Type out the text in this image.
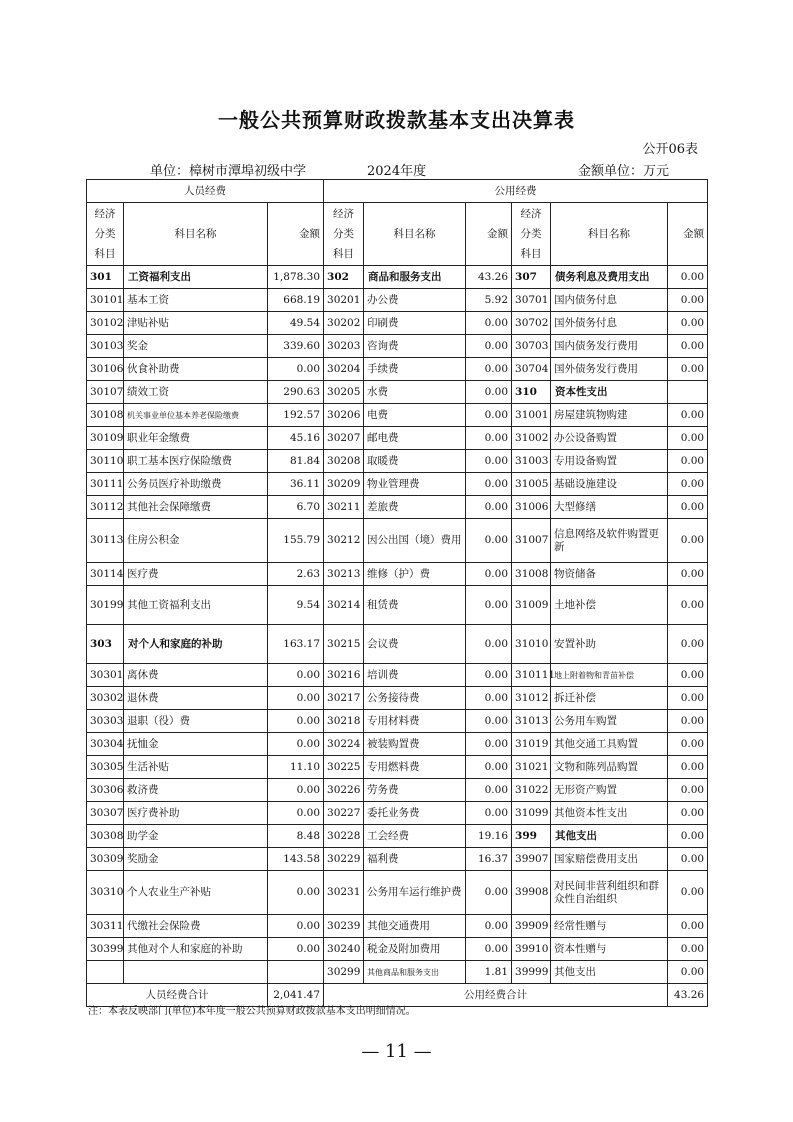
一般公共预算财政拨款基本支出决算表
公开06表
单位：樟树市潭埠初级中学	2024年度	金额单位：万元
人员经费			公用经费					
经济分类科目	科目名称	金额	经济分类科目	科目名称	金额	经济分类科目	科目名称	金额
301	工资福利支出	1,878.30	302	商品和服务支出	43.26	307	债务利息及费用支出	0.00
30101	基本工资	668.19	30201	办公费	5.92	30701	国内债务付息	0.00
30102	津贴补贴	49.54	30202	印刷费	0.00	30702	国外债务付息	0.00
30103	奖金	339.60	30203	咨询费	0.00	30703	国内债务发行费用	0.00
30106	伙食补助费	0.00	30204	手续费	0.00	30704	国外债务发行费用	0.00
30107	绩效工资	290.63	30205	水费	0.00	310	资本性支出	
30108	机关事业单位基本养老保险缴费	192.57	30206	电费	0.00	31001	房屋建筑物购建	0.00
30109	职业年金缴费	45.16	30207	邮电费	0.00	31002	办公设备购置	0.00
30110	职工基本医疗保险缴费	81.84	30208	取暖费	0.00	31003	专用设备购置	0.00
30111	公务员医疗补助缴费	36.11	30209	物业管理费	0.00	31005	基础设施建设	0.00
30112	其他社会保障缴费	6.70	30211	差旅费	0.00	31006	大型修缮	0.00
30113	住房公积金	155.79	30212	因公出国（境）费用	0.00	31007	信息网络及软件购置更新	0.00
30114	医疗费	2.63	30213	维修（护）费	0.00	31008	物资储备	0.00
30199	其他工资福利支出	9.54	30214	租赁费	0.00	31009	土地补偿	0.00
303	对个人和家庭的补助	163.17	30215	会议费	0.00	31010	安置补助	0.00
30301	离休费	0.00	30216	培训费	0.00	310111	地上附着物和青苗补偿	0.00
30302	退休费	0.00	30217	公务接待费	0.00	31012	拆迁补偿	0.00
30303	退职（役）费	0.00	30218	专用材料费	0.00	31013	公务用车购置	0.00
30304	抚恤金	0.00	30224	被装购置费	0.00	31019	其他交通工具购置	0.00
30305	生活补贴	11.10	30225	专用燃料费	0.00	31021	文物和陈列品购置	0.00
30306	救济费	0.00	30226	劳务费	0.00	31022	无形资产购置	0.00
30307	医疗费补助	0.00	30227	委托业务费	0.00	31099	其他资本性支出	0.00
30308	助学金	8.48	30228	工会经费	19.16	399	其他支出	0.00
30309	奖励金	143.58	30229	福利费	16.37	39907	国家赔偿费用支出	0.00
30310	个人农业生产补贴	0.00	30231	公务用车运行维护费	0.00	39908	对民间非营利组织和群众性自治组织	0.00
30311	代缴社会保险费	0.00	30239	其他交通费用	0.00	39909	经常性赠与	0.00
30399	其他对个人和家庭的补助	0.00	30240	税金及附加费用	0.00	39910	资本性赠与	0.00
			30299	其他商品和服务支出	1.81	39999	其他支出	0.00
人员经费合计		2,041.47	公用经费合计					43.26
注：本表反映部门(单位)本年度一般公共预算财政拨款基本支出明细情况。
— 11 —
